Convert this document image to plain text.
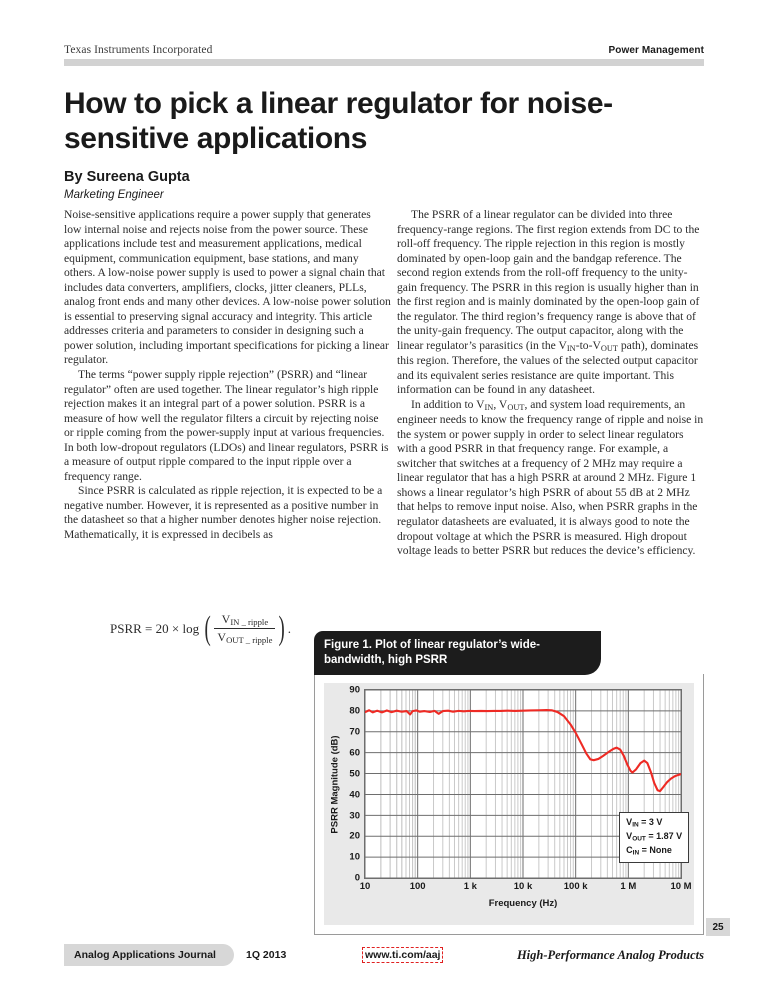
Texas Instruments Incorporated	Power Management
How to pick a linear regulator for noise-sensitive applications
By Sureena Gupta
Marketing Engineer

Noise-sensitive applications require a power supply that generates low internal noise and rejects noise from the power source. These applications include test and measurement applications, medical equipment, communication equipment, base stations, and many others. A low-noise power supply is used to power a signal chain that includes data converters, amplifiers, clocks, jitter cleaners, PLLs, analog front ends and many other devices. A low-noise power solution is essential to preserving signal accuracy and integrity. This article addresses criteria and parameters to consider in designing such a power solution, including important specifications for picking a linear regulator.

The terms “power supply ripple rejection” (PSRR) and “linear regulator” often are used together. The linear regulator’s high ripple rejection makes it an integral part of a power solution. PSRR is a measure of how well the regulator filters a circuit by rejecting noise or ripple coming from the power-supply input at various frequencies. In both low-dropout regulators (LDOs) and linear regulators, PSRR is a measure of output ripple compared to the input ripple over a frequency range.

Since PSRR is calculated as ripple rejection, it is expected to be a negative number. However, it is represented as a positive number in the datasheet so that a higher number denotes higher noise rejection. Mathematically, it is expressed in decibels as

The PSRR of a linear regulator can be divided into three frequency-range regions. The first region extends from DC to the roll-off frequency. The ripple rejection in this region is mostly dominated by open-loop gain and the bandgap reference. The second region extends from the roll-off frequency to the unity-gain frequency. The PSRR in this region is usually higher than in the first region and is mainly dominated by the open-loop gain of the regulator. The third region’s frequency range is above that of the unity-gain frequency. The output capacitor, along with the linear regulator’s parasitics (in the $V_{IN}-to-V_{OUT}$ path), dominates this region. Therefore, the values of the selected output capacitor and its equivalent series resistance are quite important. This information can be found in any datasheet.

In addition to $V_{IN}$, $V_{OUT}$, and system load requirements, an engineer needs to know the frequency range of ripple and noise in the system or power supply in order to select linear regulators with a good PSRR in that frequency range. For example, a switcher that switches at a frequency of 2 MHz may require a linear regulator that has a high PSRR at around 2 MHz. Figure 1 shows a linear regulator’s high PSRR of about 55 dB at 2 MHz that helps to remove input noise. Also, when PSRR graphs in the regulator datasheets are evaluated, it is always good to note the dropout voltage at which the PSRR is measured. High dropout voltage leads to better PSRR but reduces the device’s efficiency.

PSRR = 20 × log ( $\frac{V_{IN \_ ripple}}{V_{OUT \_ ripple}}$ ) .
Figure 1. Plot of linear regulator’s wide-bandwidth, high PSRR
PSRR Magnitude (dB)
0
10
20
30
40
50
60
70
80
90
10	100	1 k	10 k	100 k	1 M	10 M
Frequency (Hz)
$V_{IN} = 3$ V
$V_{OUT} = 1.87$ V
$C_{IN}$ = None
25
Analog Applications Journal	1Q 2013	www.ti.com/aaj	High-Performance Analog Products
